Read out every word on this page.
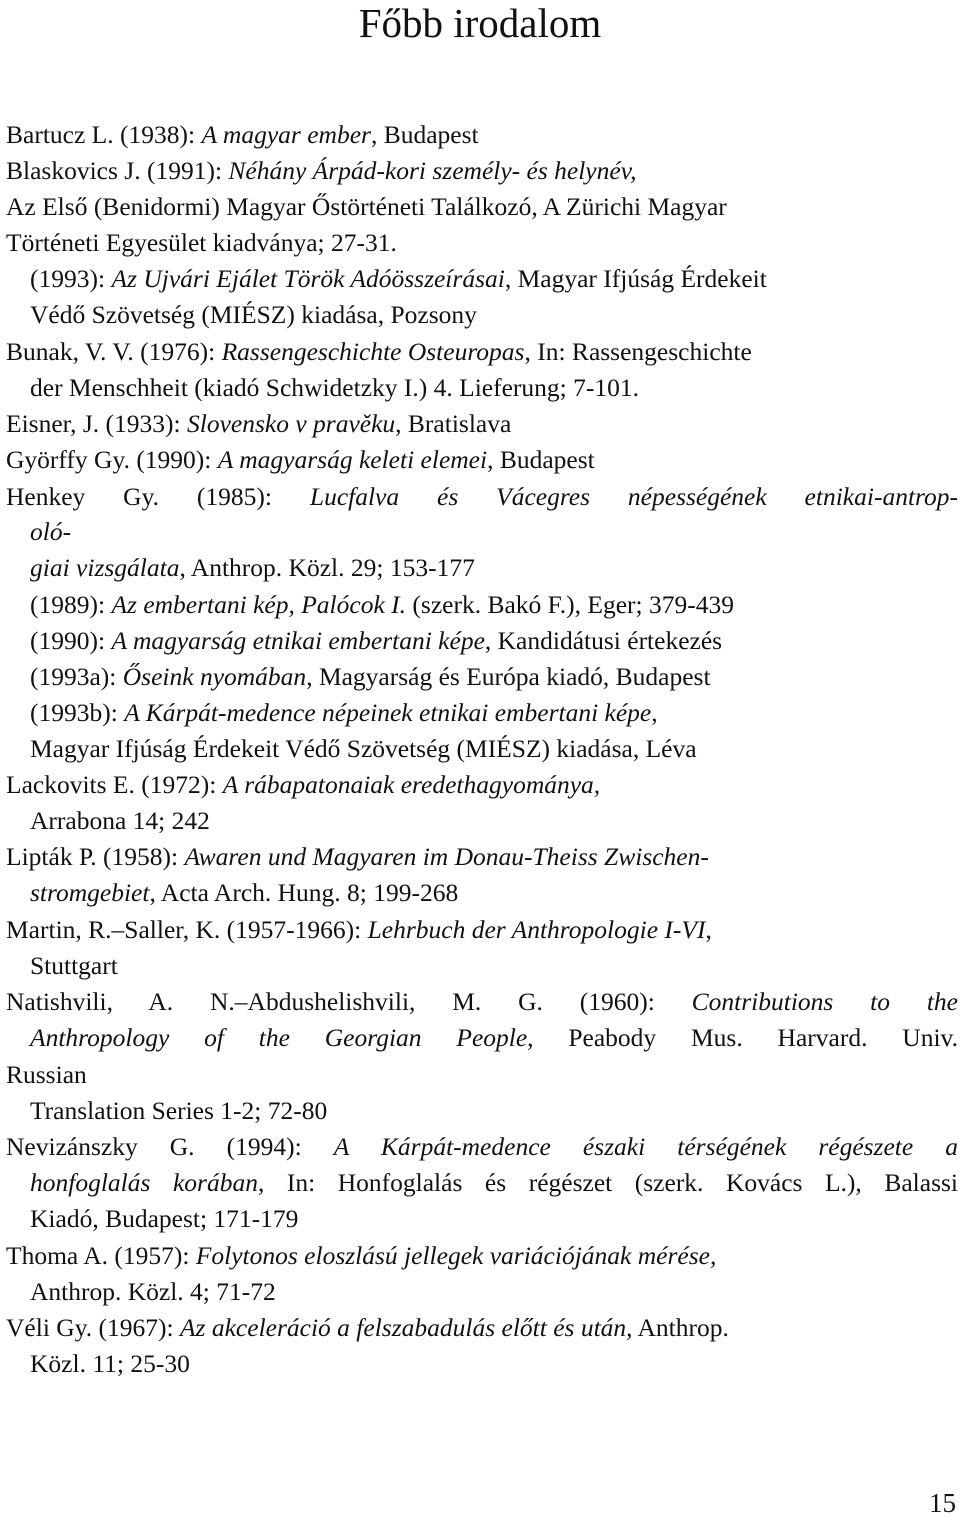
Főbb irodalom
Bartucz L. (1938): A magyar ember, Budapest
Blaskovics J. (1991): Néhány Árpád-kori személy- és helynév,
Az Első (Benidormi) Magyar Őstörténeti Találkozó, A Zürichi Magyar
Történeti Egyesület kiadványa; 27-31.
(1993): Az Ujvári Ejálet Török Adóösszeírásai, Magyar Ifjúság Érdekeit
Védő Szövetség (MIÉSZ) kiadása, Pozsony
Bunak, V. V. (1976): Rassengeschichte Osteuropas, In: Rassengeschichte
der Menschheit (kiadó Schwidetzky I.) 4. Lieferung; 7-101.
Eisner, J. (1933): Slovensko v pravěku, Bratislava
Györffy Gy. (1990): A magyarság keleti elemei, Budapest
Henkey Gy. (1985): Lucfalva és Vácegres népességének etnikai-antrop-
oló-
giai vizsgálata, Anthrop. Közl. 29; 153-177
(1989): Az embertani kép, Palócok I. (szerk. Bakó F.), Eger; 379-439
(1990): A magyarság etnikai embertani képe, Kandidátusi értekezés
(1993a): Őseink nyomában, Magyarság és Európa kiadó, Budapest
(1993b): A Kárpát-medence népeinek etnikai embertani képe,
Magyar Ifjúság Érdekeit Védő Szövetség (MIÉSZ) kiadása, Léva
Lackovits E. (1972): A rábapatonaiak eredethagyománya,
Arrabona 14; 242
Lipták P. (1958): Awaren und Magyaren im Donau-Theiss Zwischen-
stromgebiet, Acta Arch. Hung. 8; 199-268
Martin, R.–Saller, K. (1957-1966): Lehrbuch der Anthropologie I-VI,
Stuttgart
Natishvili, A. N.–Abdushelishvili, M. G. (1960): Contributions to the
Anthropology of the Georgian People, Peabody Mus. Harvard. Univ.
Russian
Translation Series 1-2; 72-80
Nevizánszky G. (1994): A Kárpát-medence északi térségének régészete a
honfoglalás korában, In: Honfoglalás és régészet (szerk. Kovács L.), Balassi
Kiadó, Budapest; 171-179
Thoma A. (1957): Folytonos eloszlású jellegek variációjának mérése,
Anthrop. Közl. 4; 71-72
Véli Gy. (1967): Az akceleráció a felszabadulás előtt és után, Anthrop.
Közl. 11; 25-30
15
